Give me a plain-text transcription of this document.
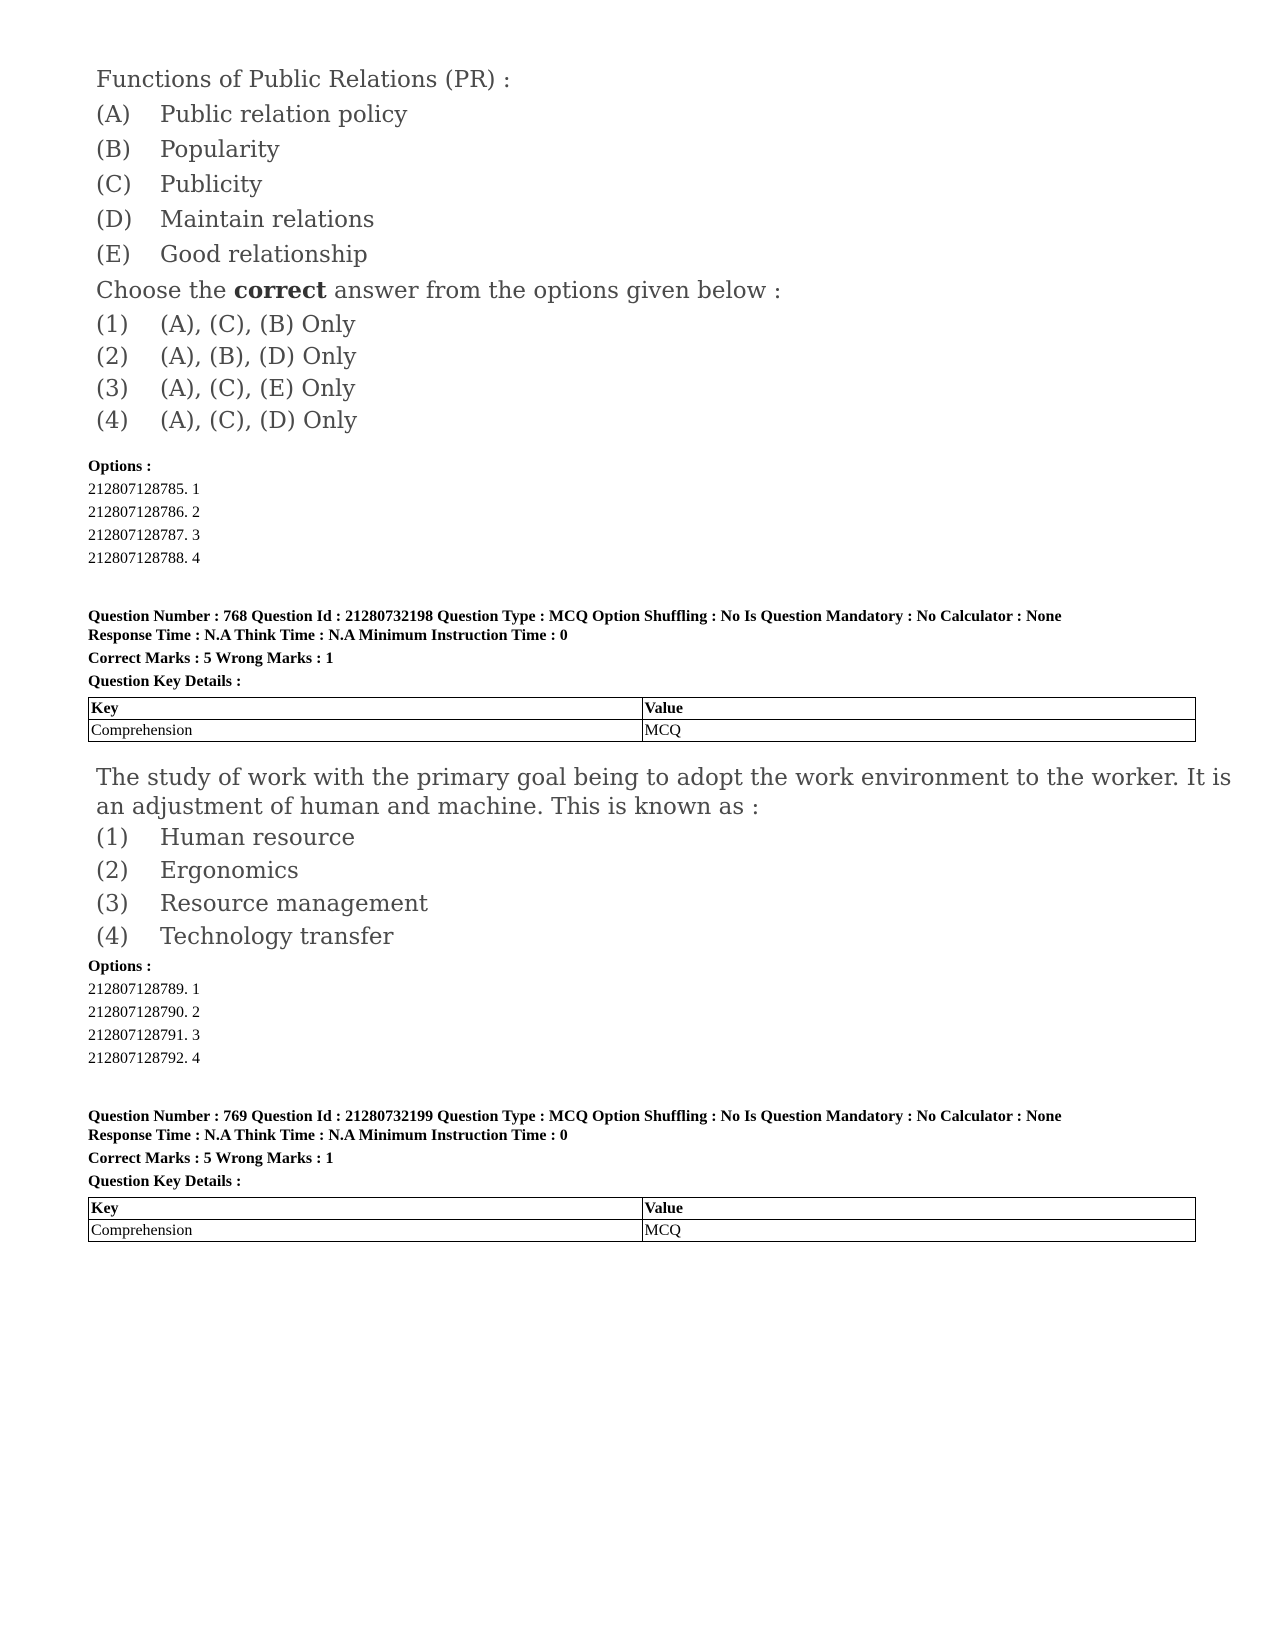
Functions of Public Relations (PR) :
(A)	Public relation policy
(B)	Popularity
(C)	Publicity
(D)	Maintain relations
(E)	Good relationship
Choose the correct answer from the options given below :
(1)	(A), (C), (B) Only
(2)	(A), (B), (D) Only
(3)	(A), (C), (E) Only
(4)	(A), (C), (D) Only
Options :
212807128785. 1
212807128786. 2
212807128787. 3
212807128788. 4
Question Number : 768 Question Id : 21280732198 Question Type : MCQ Option Shuffling : No Is Question Mandatory : No Calculator : None
Response Time : N.A Think Time : N.A Minimum Instruction Time : 0
Correct Marks : 5 Wrong Marks : 1
Question Key Details :
Key	Value
Comprehension	MCQ
The study of work with the primary goal being to adopt the work environment to the worker. It is
an adjustment of human and machine. This is known as :
(1)	Human resource
(2)	Ergonomics
(3)	Resource management
(4)	Technology transfer
Options :
212807128789. 1
212807128790. 2
212807128791. 3
212807128792. 4
Question Number : 769 Question Id : 21280732199 Question Type : MCQ Option Shuffling : No Is Question Mandatory : No Calculator : None
Response Time : N.A Think Time : N.A Minimum Instruction Time : 0
Correct Marks : 5 Wrong Marks : 1
Question Key Details :
Key	Value
Comprehension	MCQ
